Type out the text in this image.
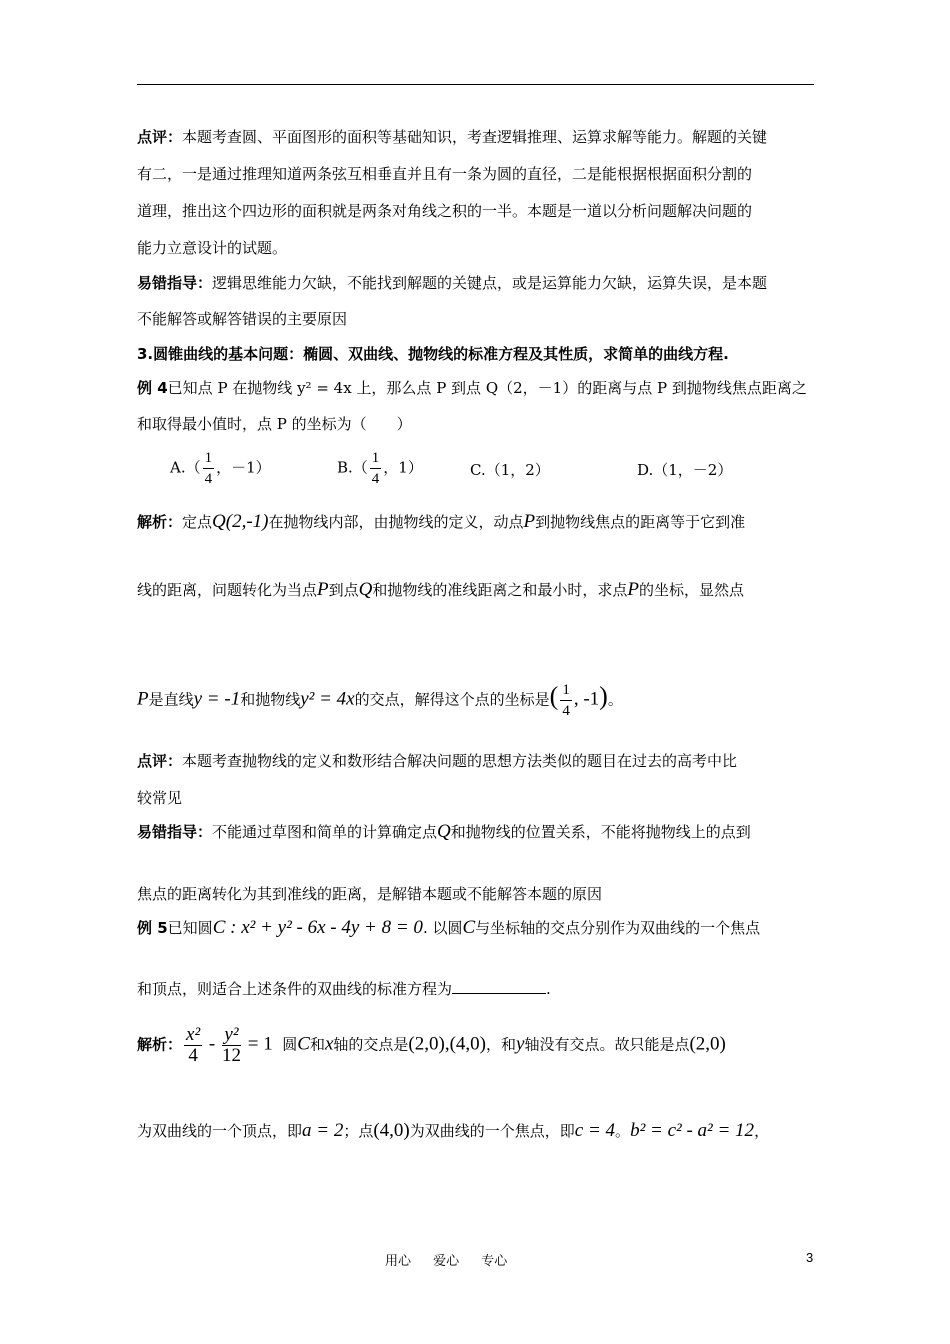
点评：本题考查圆、平面图形的面积等基础知识，考查逻辑推理、运算求解等能力。解题的关键
有二，一是通过推理知道两条弦互相垂直并且有一条为圆的直径，二是能根据根据面积分割的
道理，推出这个四边形的面积就是两条对角线之积的一半。本题是一道以分析问题解决问题的
能力立意设计的试题。
易错指导：逻辑思维能力欠缺，不能找到解题的关键点，或是运算能力欠缺，运算失误，是本题
不能解答或解答错误的主要原因
3.圆锥曲线的基本问题：椭圆、双曲线、抛物线的标准方程及其性质，求简单的曲线方程.
例 4已知点 P 在抛物线 y² = 4x 上，那么点 P 到点 Q（2，－1）的距离与点 P 到抛物线焦点距离之
和取得最小值时，点 P 的坐标为（　　）
$A.( \frac{1}{4}$ ，－1）	$B.( \frac{1}{4}$ ，1）	C.（1，2）	D.（1，－2）
解析：定点Q(2,-1)在抛物线内部，由抛物线的定义，动点P到抛物线焦点的距离等于它到准
线的距离，问题转化为当点P到点Q和抛物线的准线距离之和最小时，求点P的坐标，显然点
P是直线y = -1和抛物线y² = 4x的交点，解得这个点的坐标是( $\frac{1}{4}$ , -1)。
点评：本题考查抛物线的定义和数形结合解决问题的思想方法类似的题目在过去的高考中比
较常见
易错指导：不能通过草图和简单的计算确定点Q和抛物线的位置关系，不能将抛物线上的点到
焦点的距离转化为其到准线的距离，是解错本题或不能解答本题的原因
例 5已知圆C : x² + y² - 6x - 4y + 8 = 0. 以圆C与坐标轴的交点分别作为双曲线的一个焦点
和顶点，则适合上述条件的双曲线的标准方程为	.
解析： $\frac{\text{x²}}{4} - \frac{\text{y²}}{12} = 1$ 圆C和x轴的交点是(2,0),(4,0)，和y轴没有交点。故只能是点(2,0)
为双曲线的一个顶点，即a = 2；点(4,0)为双曲线的一个焦点，即c = 4。b² = c² - a² = 12，
用心 爱心 专心	3
